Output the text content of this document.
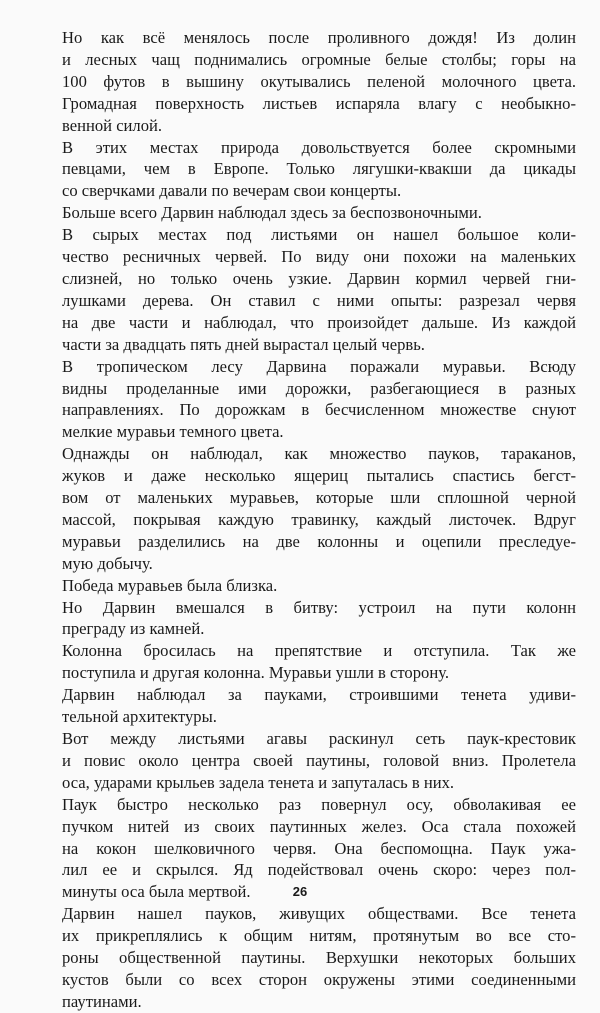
Но как всё менялось после проливного дождя! Из долин
и лесных чащ поднимались огромные белые столбы; горы на
100 футов в вышину окутывались пеленой молочного цвета.
Громадная поверхность листьев испаряла влагу с необыкно-
венной силой.
В этих местах природа довольствуется более скромными
певцами, чем в Европе. Только лягушки-квакши да цикады
со сверчками давали по вечерам свои концерты.
Больше всего Дарвин наблюдал здесь за беспозвоночными.
В сырых местах под листьями он нашел большое коли-
чество ресничных червей. По виду они похожи на маленьких
слизней, но только очень узкие. Дарвин кормил червей гни-
лушками дерева. Он ставил с ними опыты: разрезал червя
на две части и наблюдал, что произойдет дальше. Из каждой
части за двадцать пять дней вырастал целый червь.
В тропическом лесу Дарвина поражали муравьи. Всюду
видны проделанные ими дорожки, разбегающиеся в разных
направлениях. По дорожкам в бесчисленном множестве снуют
мелкие муравьи темного цвета.
Однажды он наблюдал, как множество пауков, тараканов,
жуков и даже несколько ящериц пытались спастись бегст-
вом от маленьких муравьев, которые шли сплошной черной
массой, покрывая каждую травинку, каждый листочек. Вдруг
муравьи разделились на две колонны и оцепили преследуе-
мую добычу.
Победа муравьев была близка.
Но Дарвин вмешался в битву: устроил на пути колонн
преграду из камней.
Колонна бросилась на препятствие и отступила. Так же
поступила и другая колонна. Муравьи ушли в сторону.
Дарвин наблюдал за пауками, строившими тенета удиви-
тельной архитектуры.
Вот между листьями агавы раскинул сеть паук-крестовик
и повис около центра своей паутины, головой вниз. Пролетела
оса, ударами крыльев задела тенета и запуталась в них.
Паук быстро несколько раз повернул осу, обволакивая ее
пучком нитей из своих паутинных желез. Оса стала похожей
на кокон шелковичного червя. Она беспомощна. Паук ужа-
лил ее и скрылся. Яд подействовал очень скоро: через пол-
минуты оса была мертвой.
Дарвин нашел пауков, живущих обществами. Все тенета
их прикреплялись к общим нитям, протянутым во все сто-
роны общественной паутины. Верхушки некоторых больших
кустов были со всех сторон окружены этими соединенными
паутинами.
26
